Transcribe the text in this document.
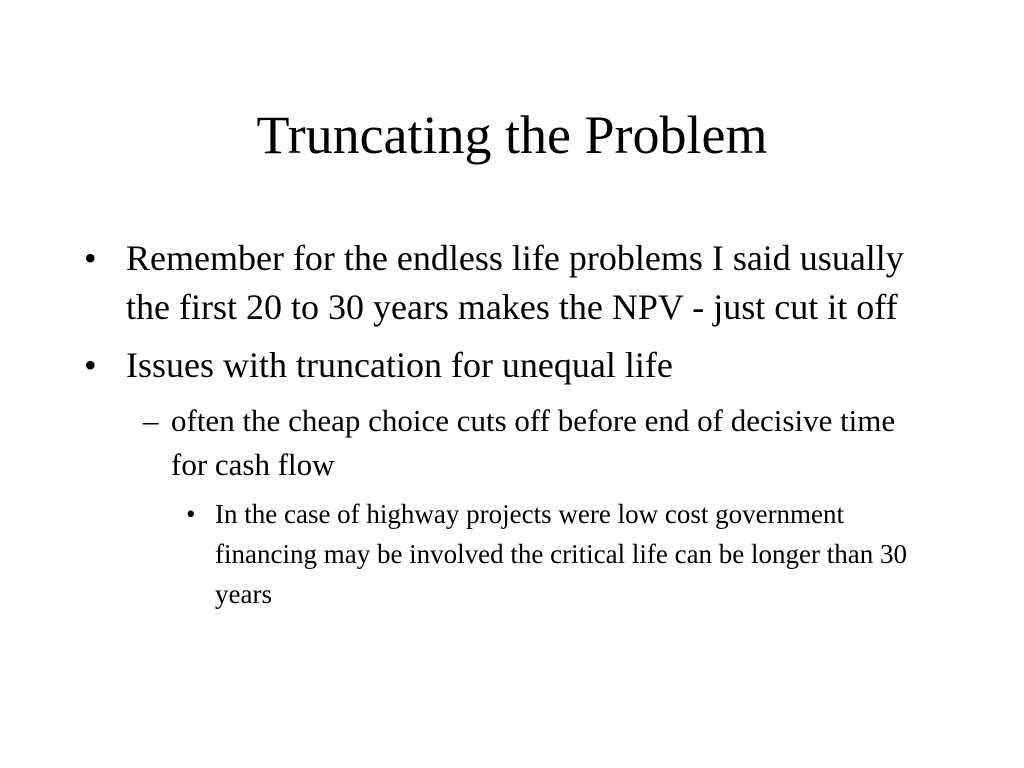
Truncating the Problem
• Remember for the endless life problems I said usually the first 20 to 30 years makes the NPV - just cut it off
• Issues with truncation for unequal life
– often the cheap choice cuts off before end of decisive time for cash flow
• In the case of highway projects were low cost government financing may be involved the critical life can be longer than 30 years
